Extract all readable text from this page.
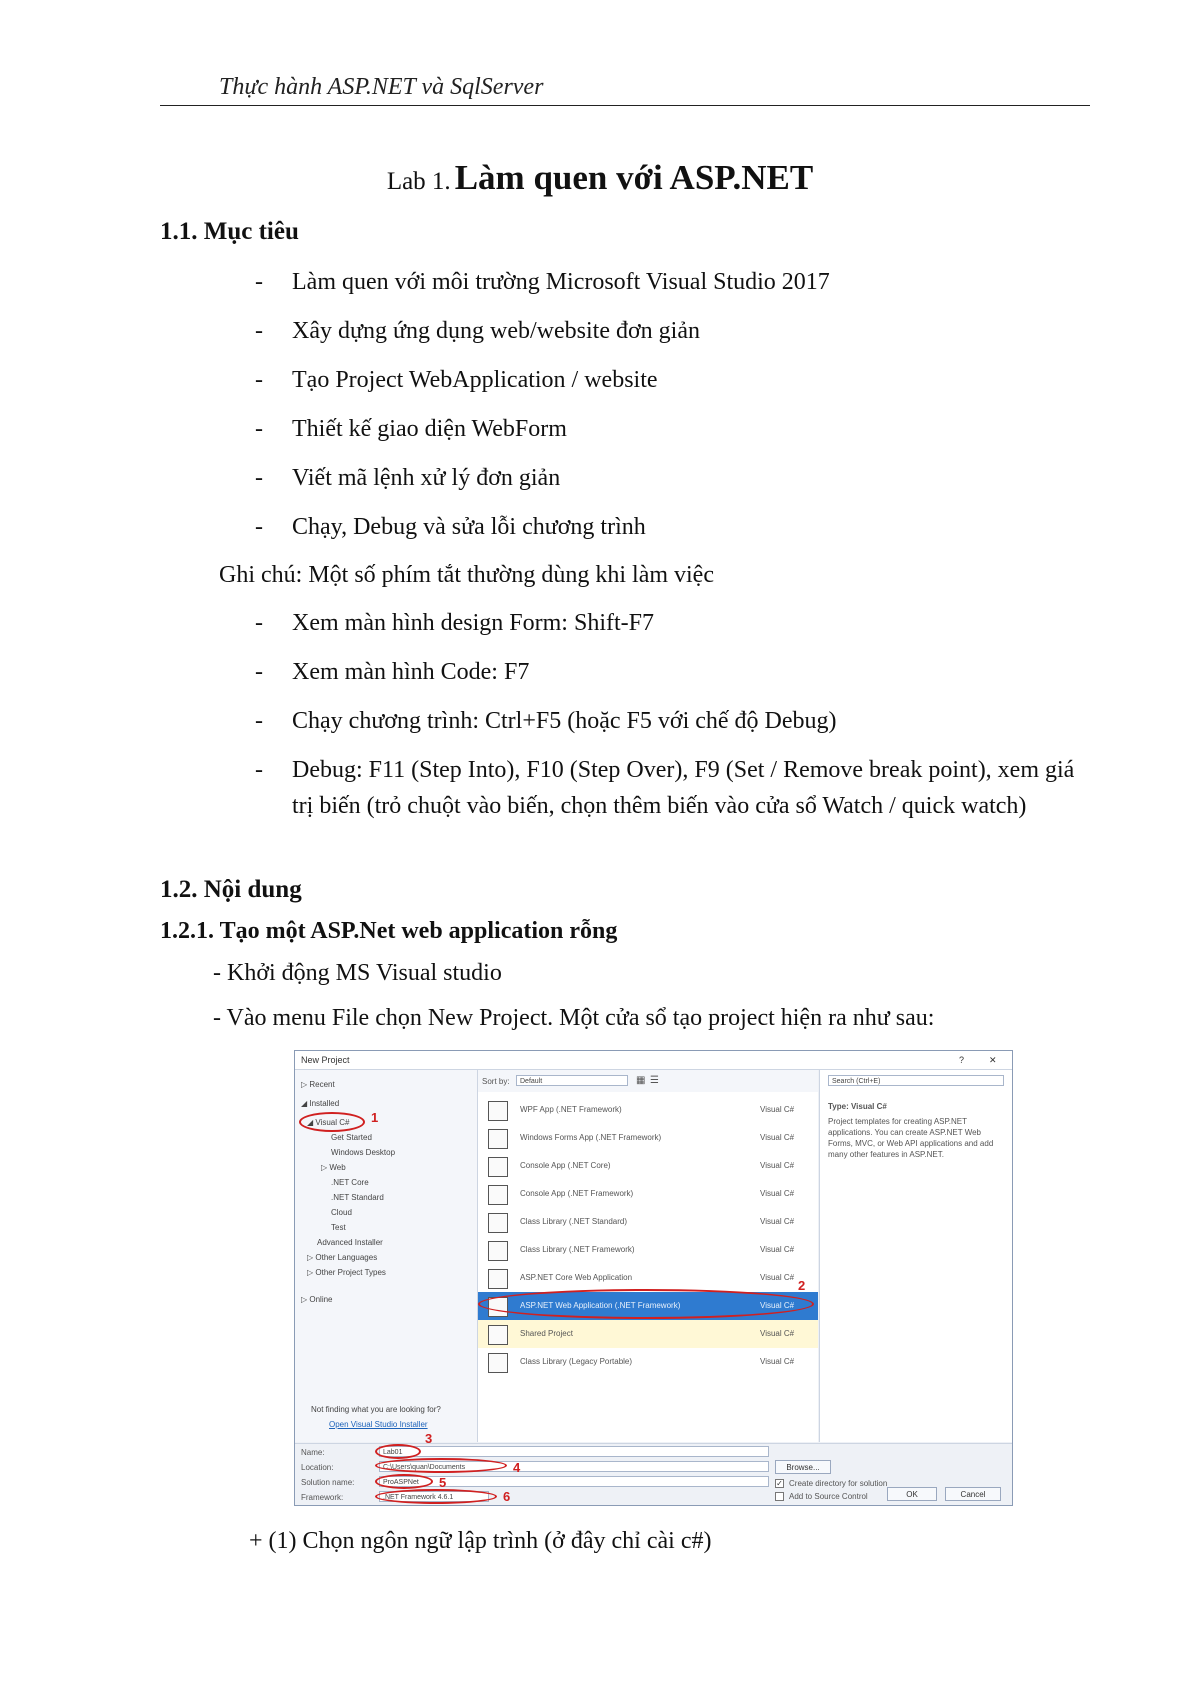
Thực hành ASP.NET và SqlServer
Lab 1. Làm quen với ASP.NET
1.1. Mục tiêu
- Làm quen với môi trường Microsoft Visual Studio 2017
- Xây dựng ứng dụng web/website đơn giản
- Tạo Project WebApplication / website
- Thiết kế giao diện WebForm
- Viết mã lệnh xử lý đơn giản
- Chạy, Debug và sửa lỗi chương trình
Ghi chú: Một số phím tắt thường dùng khi làm việc
- Xem màn hình design Form: Shift-F7
- Xem màn hình Code: F7
- Chạy chương trình: Ctrl+F5 (hoặc F5 với chế độ Debug)
- Debug: F11 (Step Into), F10 (Step Over), F9 (Set / Remove break point), xem giá trị biến (trỏ chuột vào biến, chọn thêm biến vào cửa sổ Watch / quick watch)
1.2. Nội dung
1.2.1. Tạo một ASP.Net web application rỗng
- Khởi động MS Visual studio
- Vào menu File chọn New Project. Một cửa sổ tạo project hiện ra như sau:
New Project	?	✕
▷ Recent
◢ Installed
◢ Visual C#
Get Started
Windows Desktop
▷ Web
.NET Core
.NET Standard
Cloud
Test
Advanced Installer
▷ Other Languages
▷ Other Project Types
▷ Online
Not finding what you are looking for?
Open Visual Studio Installer
1
Sort by:	Default	▦ ☰
WPF App (.NET Framework)	Visual C#
Windows Forms App (.NET Framework)	Visual C#
Console App (.NET Core)	Visual C#
Console App (.NET Framework)	Visual C#
Class Library (.NET Standard)	Visual C#
Class Library (.NET Framework)	Visual C#
ASP.NET Core Web Application	Visual C#
ASP.NET Web Application (.NET Framework)	Visual C#
Shared Project	Visual C#
Class Library (Legacy Portable)	Visual C#
2
Search (Ctrl+E)
Type: Visual C#
Project templates for creating ASP.NET applications. You can create ASP.NET Web Forms, MVC, or Web API applications and add many other features in ASP.NET.
Name:	Lab01
Location:	C:\Users\quan\Documents	Browse...
Solution name:	ProASPNet
Framework:	.NET Framework 4.6.1
✓ Create directory for solution
Add to Source Control
3
4
5
6	OK	Cancel
+ (1) Chọn ngôn ngữ lập trình (ở đây chỉ cài c#)
